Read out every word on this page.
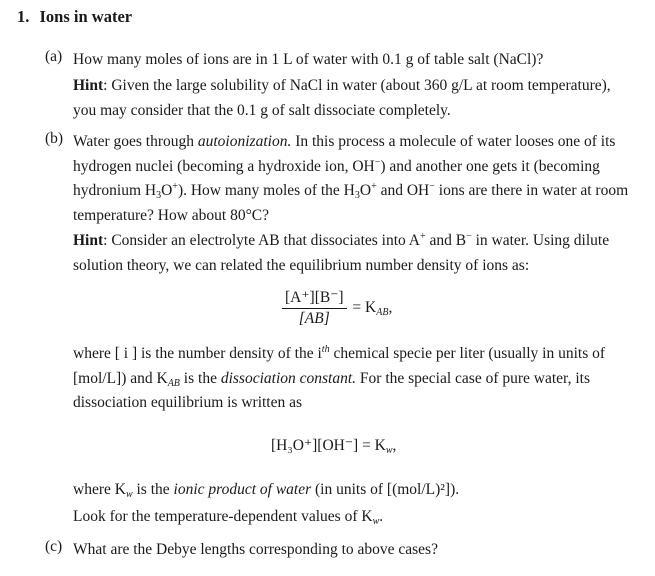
1. Ions in water
(a) How many moles of ions are in 1 L of water with 0.1 g of table salt (NaCl)?
Hint: Given the large solubility of NaCl in water (about 360 g/L at room temperature), you may consider that the 0.1 g of salt dissociate completely.
(b) Water goes through autoionization. In this process a molecule of water looses one of its hydrogen nuclei (becoming a hydroxide ion, OH−) and another one gets it (becoming hydronium $H_3O^+$). How many moles of the $H_3O^+$ and OH− ions are there in water at room temperature? How about 80°C?
Hint: Consider an electrolyte AB that dissociates into A+ and B− in water. Using dilute solution theory, we can related the equilibrium number density of ions as:
$\frac{[A^+][B^-]}{[AB]} = K_{AB}$,
where [ i ] is the number density of the $i^{th}$ chemical specie per liter (usually in units of [mol/L]) and $K_{AB}$ is the dissociation constant. For the special case of pure water, its dissociation equilibrium is written as
$[H_3O^+][OH^-] = K_w$,
where $K_w$ is the ionic product of water (in units of [(mol/L)²]).
Look for the temperature-dependent values of $K_w$.
(c) What are the Debye lengths corresponding to above cases?
